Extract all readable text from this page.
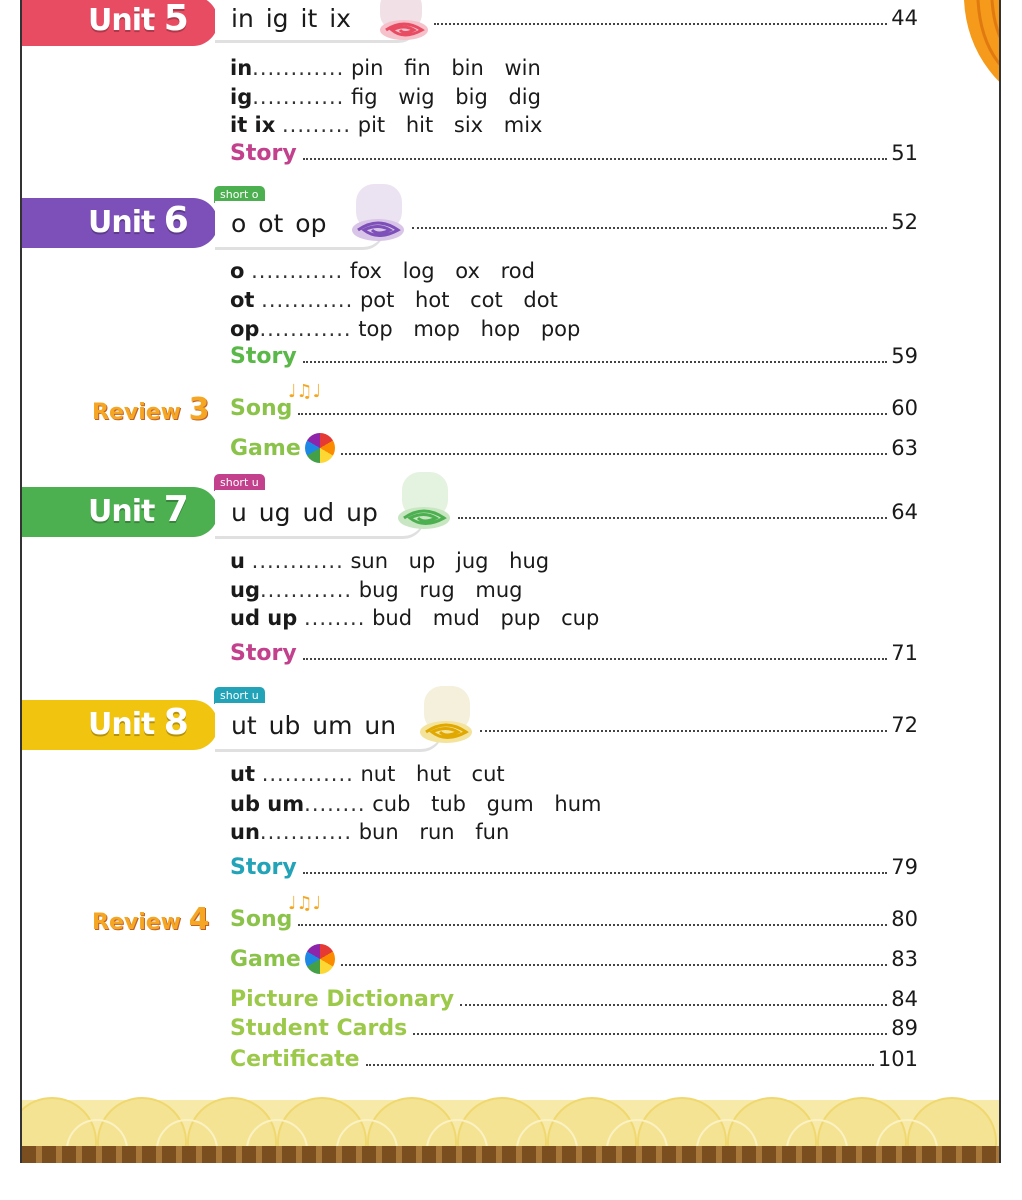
Unit 5 in ig it ix	44
in............ pin fin bin win
ig............ fig wig big dig
it ix ......... pit hit six mix
Story	51
short o
Unit 6 o ot op	52
o ............ fox log ox rod
ot ............ pot hot cot dot
op............ top mop hop pop
Story	59
Review 3
♩♫♩
Song	60
Game	63
short u
Unit 7 u ug ud up	64
u ............ sun up jug hug
ug............ bug rug mug
ud up ........ bud mud pup cup
Story	71
short u
Unit 8 ut ub um un	72
ut ............ nut hut cut
ub um........ cub tub gum hum
un............ bun run fun
Story	79
Review 4	♩♫♩
Song	80
Game	83
Picture Dictionary	84
Student Cards	89
Certificate	101
